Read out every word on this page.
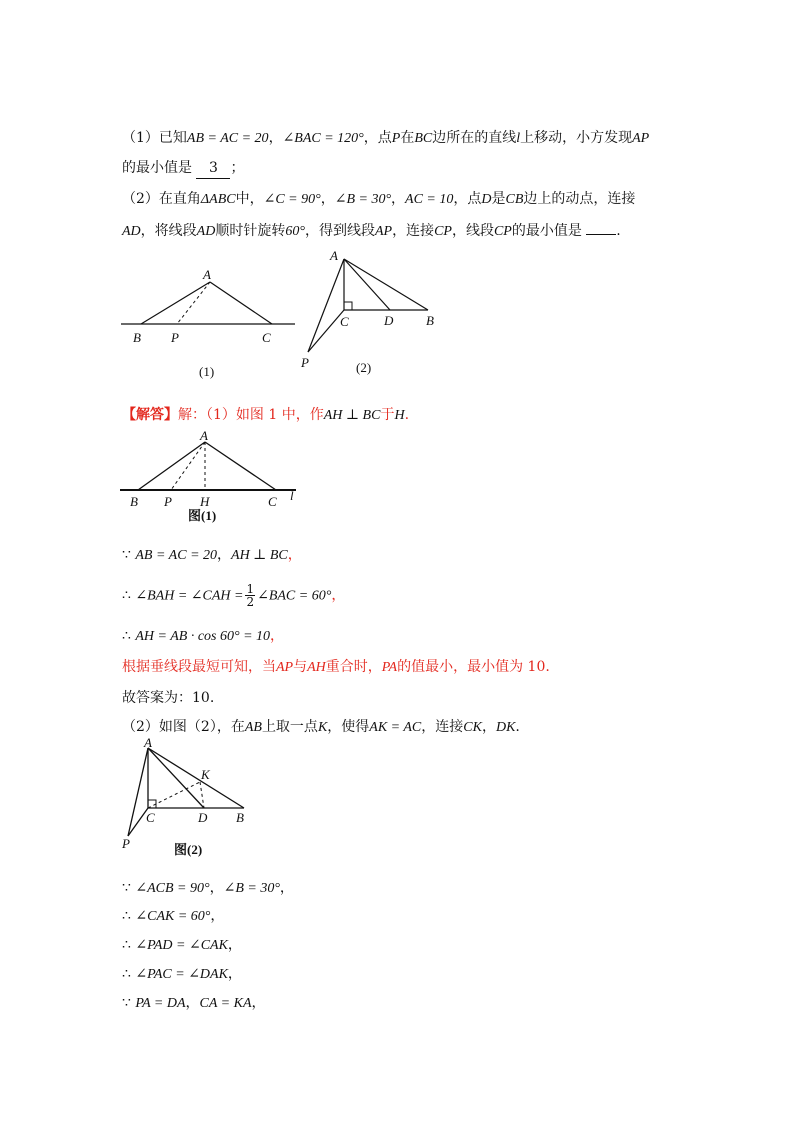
（1）已知AB = AC = 20，∠BAC = 120°，点P在BC边所在的直线l上移动，小方发现AP
的最小值是 3 ；
（2）在直角ΔABC中，∠C = 90°，∠B = 30°，AC = 10，点D是CB边上的动点，连接
AD，将线段AD顺时针旋转60°，得到线段AP，连接CP，线段CP的最小值是 .
A
B P	C
(1)
A
C	D	B
P	(2)
【解答】解：（1）如图 1 中，作AH ⊥ BC于H.
A
B P H	C l
图(1)
∵ AB = AC = 20，AH ⊥ BC，
∴ ∠BAH = ∠CAH = $\frac{1}{2}$ ∠BAC = 60°，
∴ AH = AB · cos 60° = 10，
根据垂线段最短可知，当AP与AH重合时，PA的值最小，最小值为 10.
故答案为：10.
（2）如图（2），在AB上取一点K，使得AK = AC，连接CK，DK.
A
K
C	D B
P	图(2)
∵ ∠ACB = 90°，∠B = 30°，
∴ ∠CAK = 60°，
∴ ∠PAD = ∠CAK，
∴ ∠PAC = ∠DAK，
∵ PA = DA，CA = KA，
